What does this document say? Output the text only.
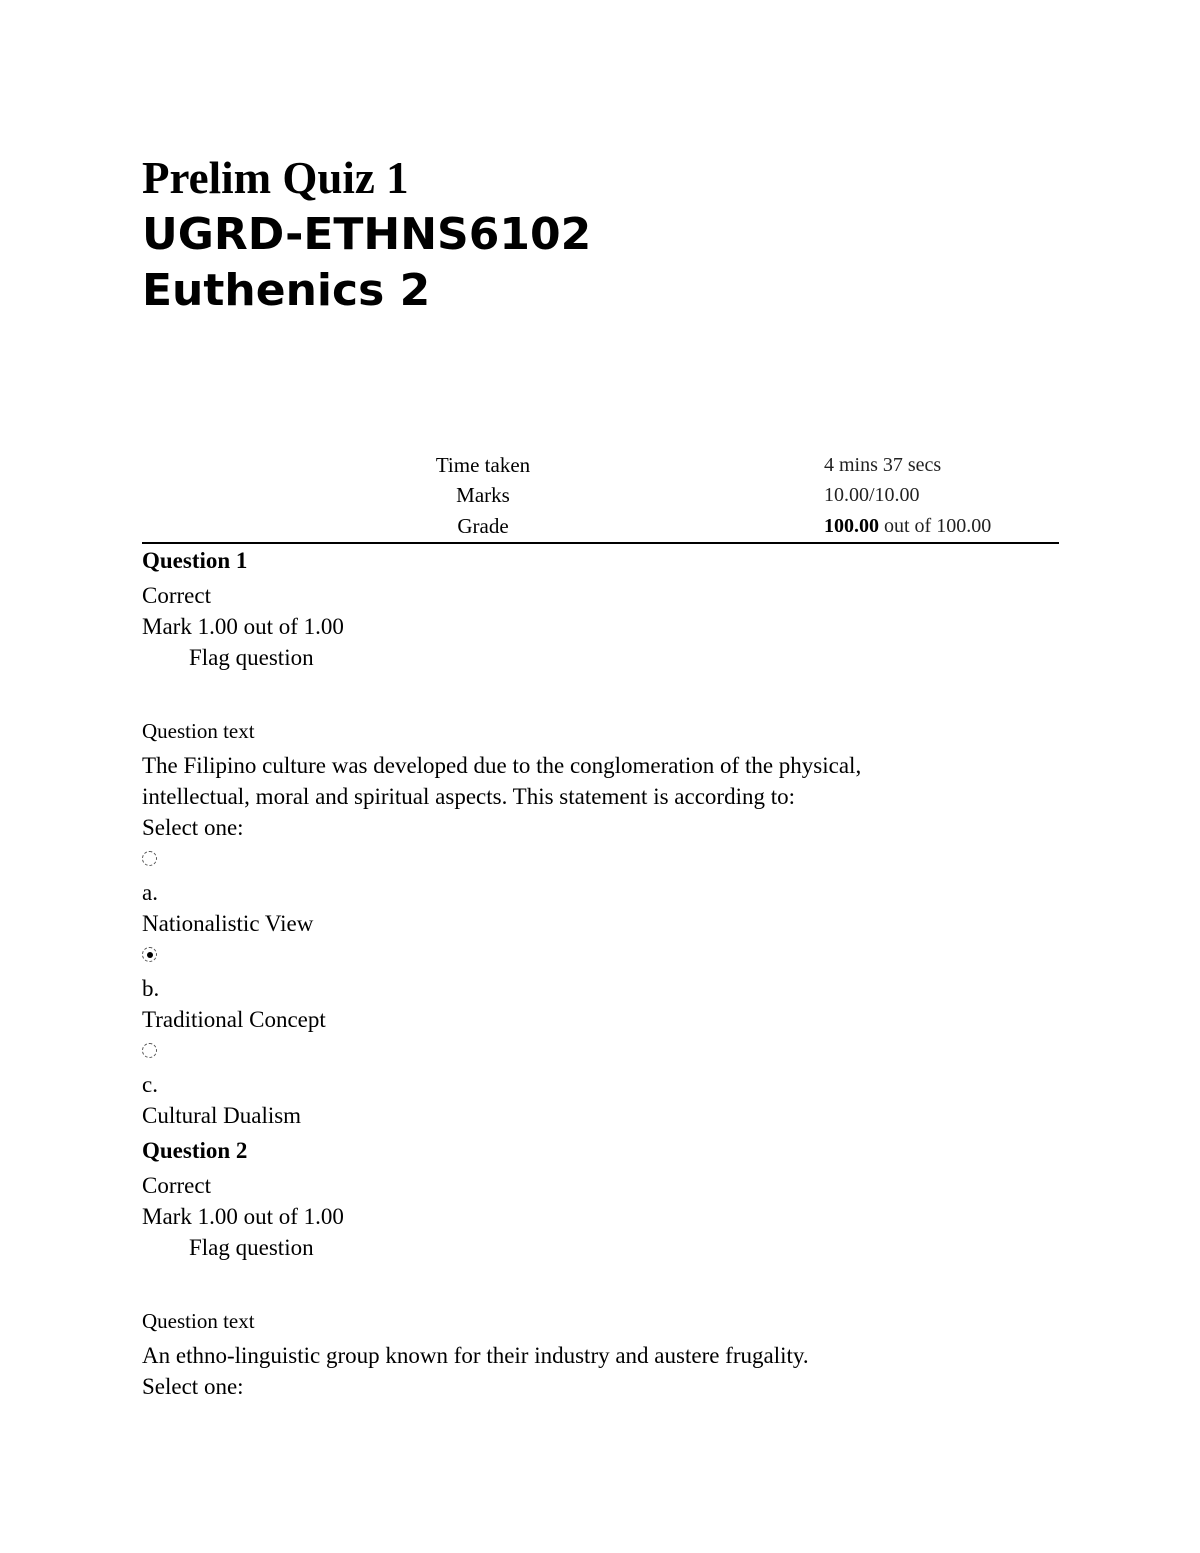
Prelim Quiz 1
UGRD-ETHNS6102
Euthenics 2
Time taken	4 mins 37 secs
Marks	10.00/10.00
Grade	100.00 out of 100.00
Question 1
Correct
Mark 1.00 out of 1.00
Flag question
Question text
The Filipino culture was developed due to the conglomeration of the physical,
intellectual, moral and spiritual aspects. This statement is according to:
Select one:
a.
Nationalistic View
b.
Traditional Concept
c.
Cultural Dualism
Question 2
Correct
Mark 1.00 out of 1.00
Flag question
Question text
An ethno-linguistic group known for their industry and austere frugality.
Select one:
